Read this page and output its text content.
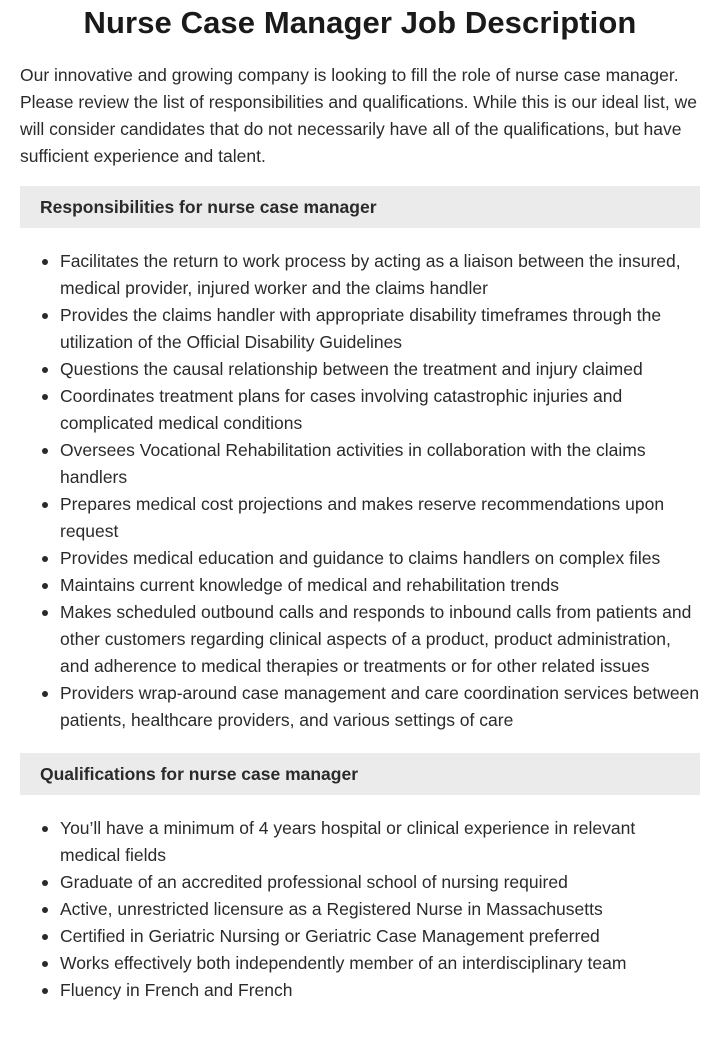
Nurse Case Manager Job Description

Our innovative and growing company is looking to fill the role of nurse case manager. Please review the list of responsibilities and qualifications. While this is our ideal list, we will consider candidates that do not necessarily have all of the qualifications, but have sufficient experience and talent.

Responsibilities for nurse case manager
Facilitates the return to work process by acting as a liaison between the insured, medical provider, injured worker and the claims handler
Provides the claims handler with appropriate disability timeframes through the utilization of the Official Disability Guidelines
Questions the causal relationship between the treatment and injury claimed
Coordinates treatment plans for cases involving catastrophic injuries and complicated medical conditions
Oversees Vocational Rehabilitation activities in collaboration with the claims handlers
Prepares medical cost projections and makes reserve recommendations upon request
Provides medical education and guidance to claims handlers on complex files
Maintains current knowledge of medical and rehabilitation trends
Makes scheduled outbound calls and responds to inbound calls from patients and other customers regarding clinical aspects of a product, product administration, and adherence to medical therapies or treatments or for other related issues
Providers wrap-around case management and care coordination services between patients, healthcare providers, and various settings of care
Qualifications for nurse case manager
You’ll have a minimum of 4 years hospital or clinical experience in relevant medical fields
Graduate of an accredited professional school of nursing required
Active, unrestricted licensure as a Registered Nurse in Massachusetts
Certified in Geriatric Nursing or Geriatric Case Management preferred
Works effectively both independently member of an interdisciplinary team
Fluency in French and French
